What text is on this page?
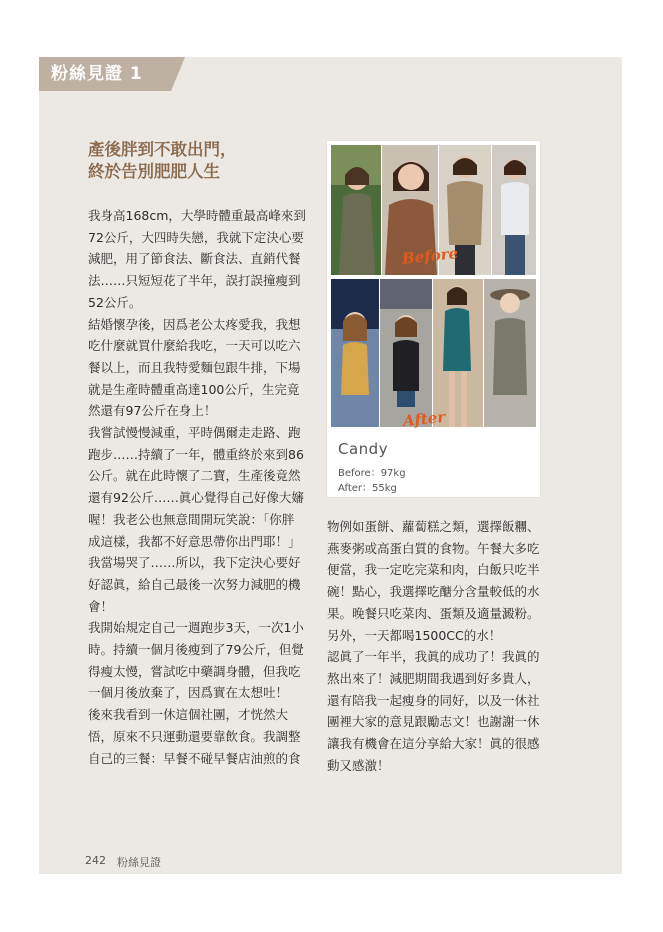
粉絲見證 1
產後胖到不敢出門，
終於告別肥肥人生

我身高168cm，大學時體重最高峰來到

72公斤，大四時失戀，我就下定決心要

減肥，用了節食法、斷食法、直銷代餐

法……只短短花了半年，誤打誤撞瘦到

52公斤。

結婚懷孕後，因爲老公太疼愛我，我想

吃什麼就買什麼給我吃，一天可以吃六

餐以上，而且我特愛麵包跟牛排，下場

就是生產時體重高達100公斤，生完竟

然還有97公斤在身上！

我嘗試慢慢減重，平時偶爾走走路、跑

跑步……持續了一年，體重終於來到86

公斤。就在此時懷了二寶，生產後竟然

還有92公斤……眞心覺得自己好像大嬸

喔！我老公也無意間開玩笑說：「你胖

成這樣，我都不好意思帶你出門耶！」

我當場哭了……所以，我下定決心要好

好認眞，給自己最後一次努力減肥的機

會！

我開始規定自己一週跑步3天，一次1小

時。持續一個月後瘦到了79公斤，但覺

得瘦太慢，嘗試吃中藥調身體，但我吃

一個月後放棄了，因爲實在太想吐！

後來我看到一休這個社團，才恍然大

悟，原來不只運動還要靠飲食。我調整

自己的三餐：早餐不碰早餐店油煎的食

物例如蛋餅、蘿蔔糕之類，選擇飯糰、

燕麥粥或高蛋白質的食物。午餐大多吃

便當，我一定吃完菜和肉，白飯只吃半

碗！點心，我選擇吃醣分含量較低的水

果。晚餐只吃菜肉、蛋類及適量澱粉。

另外，一天都喝1500CC的水！

認眞了一年半，我眞的成功了！我眞的

熬出來了！減肥期間我遇到好多貴人，

還有陪我一起瘦身的同好，以及一休社

團裡大家的意見跟勵志文！也謝謝一休

讓我有機會在這分享給大家！眞的很感

動又感激！

Before
After
Candy
Before：97kg
After：55kg
242 粉絲見證
